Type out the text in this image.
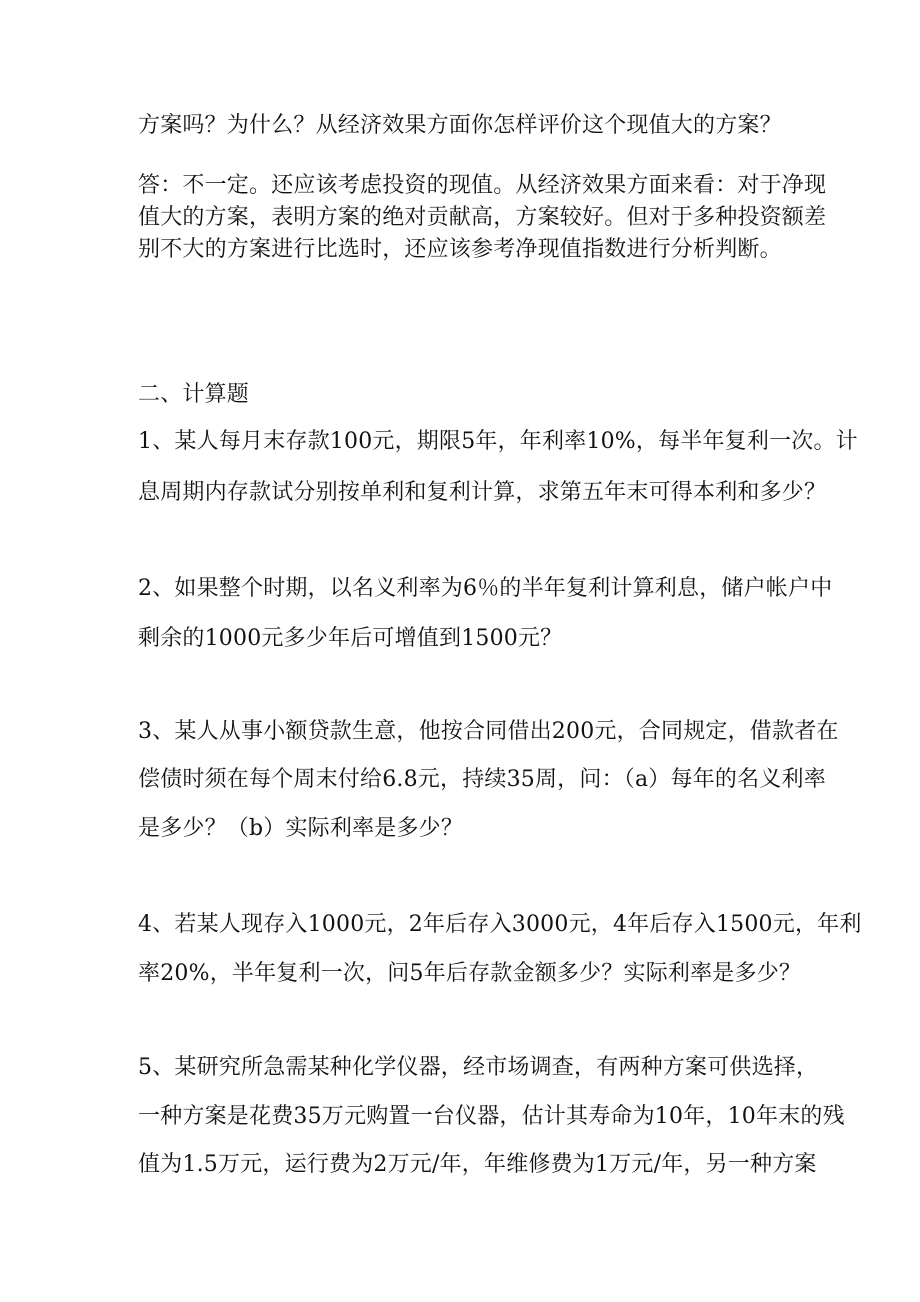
方案吗？为什么？从经济效果方面你怎样评价这个现值大的方案？
答：不一定。还应该考虑投资的现值。从经济效果方面来看：对于净现
值大的方案，表明方案的绝对贡献高，方案较好。但对于多种投资额差
别不大的方案进行比选时，还应该参考净现值指数进行分析判断。
二、计算题
1、某人每月末存款100元，期限5年，年利率10%，每半年复利一次。计
息周期内存款试分别按单利和复利计算，求第五年末可得本利和多少？
2、如果整个时期，以名义利率为6％的半年复利计算利息，储户帐户中
剩余的1000元多少年后可增值到1500元？
3、某人从事小额贷款生意，他按合同借出200元，合同规定，借款者在
偿债时须在每个周末付给6.8元，持续35周，问：（a）每年的名义利率
是多少？（b）实际利率是多少？
4、若某人现存入1000元，2年后存入3000元，4年后存入1500元，年利
率20%，半年复利一次，问5年后存款金额多少？实际利率是多少？
5、某研究所急需某种化学仪器，经市场调查，有两种方案可供选择，
一种方案是花费35万元购置一台仪器，估计其寿命为10年，10年末的残
值为1.5万元，运行费为2万元/年，年维修费为1万元/年，另一种方案
